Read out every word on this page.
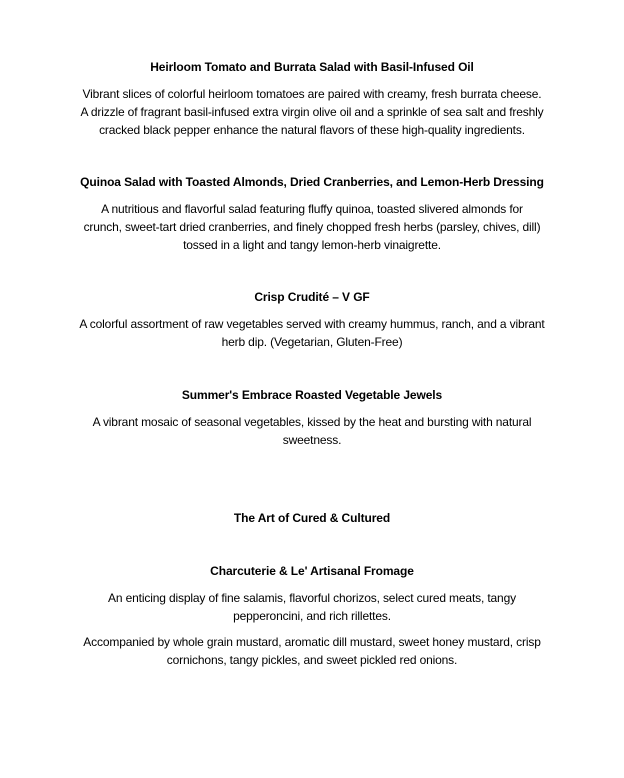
Heirloom Tomato and Burrata Salad with Basil-Infused Oil

Vibrant slices of colorful heirloom tomatoes are paired with creamy, fresh burrata cheese.
A drizzle of fragrant basil-infused extra virgin olive oil and a sprinkle of sea salt and freshly
cracked black pepper enhance the natural flavors of these high-quality ingredients.

Quinoa Salad with Toasted Almonds, Dried Cranberries, and Lemon-Herb Dressing

A nutritious and flavorful salad featuring fluffy quinoa, toasted slivered almonds for
crunch, sweet-tart dried cranberries, and finely chopped fresh herbs (parsley, chives, dill)
tossed in a light and tangy lemon-herb vinaigrette.

Crisp Crudité – V GF

A colorful assortment of raw vegetables served with creamy hummus, ranch, and a vibrant
herb dip. (Vegetarian, Gluten-Free)

Summer's Embrace Roasted Vegetable Jewels

A vibrant mosaic of seasonal vegetables, kissed by the heat and bursting with natural
sweetness.

The Art of Cured & Cultured

Charcuterie & Le' Artisanal Fromage

An enticing display of fine salamis, flavorful chorizos, select cured meats, tangy
pepperoncini, and rich rillettes.

Accompanied by whole grain mustard, aromatic dill mustard, sweet honey mustard, crisp
cornichons, tangy pickles, and sweet pickled red onions.
